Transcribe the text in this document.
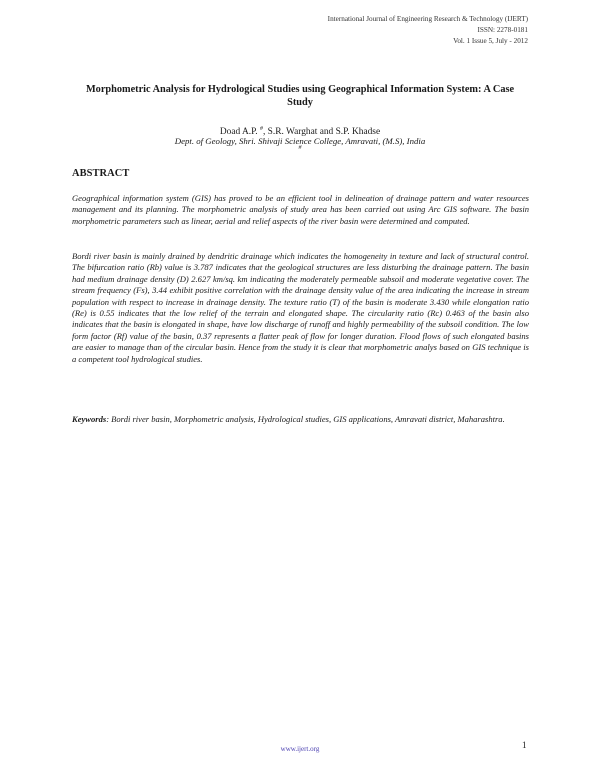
International Journal of Engineering Research & Technology (IJERT)
ISSN: 2278-0181
Vol. 1 Issue 5, July - 2012
Morphometric Analysis for Hydrological Studies using Geographical Information System: A Case Study
Doad A.P. #, S.R. Warghat and S.P. Khadse
Dept. of Geology, Shri. Shivaji Science College, Amravati, (M.S), India
#
ABSTRACT

Geographical information system (GIS) has proved to be an efficient tool in delineation of drainage pattern and water resources management and its planning. The morphometric analysis of study area has been carried out using Arc GIS software. The basin morphometric parameters such as linear, aerial and relief aspects of the river basin were determined and computed.

Bordi river basin is mainly drained by dendritic drainage which indicates the homogeneity in texture and lack of structural control. The bifurcation ratio (Rb) value is 3.787 indicates that the geological structures are less disturbing the drainage pattern. The basin had medium drainage density (D) 2.627 km/sq. km indicating the moderately permeable subsoil and moderate vegetative cover. The stream frequency (Fs), 3.44 exhibit positive correlation with the drainage density value of the area indicating the increase in stream population with respect to increase in drainage density. The texture ratio (T) of the basin is moderate 3.430 while elongation ratio (Re) is 0.55 indicates that the low relief of the terrain and elongated shape. The circularity ratio (Rc) 0.463 of the basin also indicates that the basin is elongated in shape, have low discharge of runoff and highly permeability of the subsoil condition. The low form factor (Rf) value of the basin, 0.37 represents a flatter peak of flow for longer duration. Flood flows of such elongated basins are easier to manage than of the circular basin. Hence from the study it is clear that morphometric analys based on GIS technique is a competent tool hydrological studies.

Keywords: Bordi river basin, Morphometric analysis, Hydrological studies, GIS applications, Amravati district, Maharashtra.

www.ijert.org	1
